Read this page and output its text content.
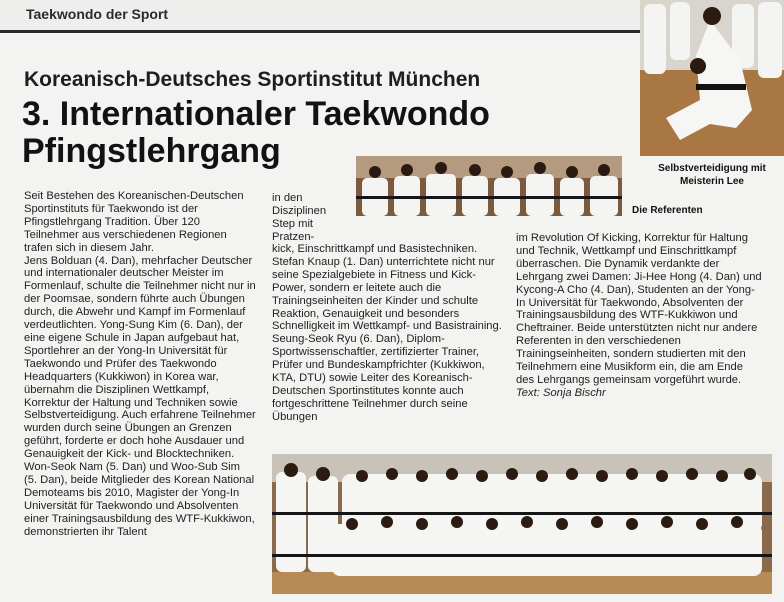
Taekwondo der Sport
Selbstverteidigung mit Meisterin Lee
Koreanisch-Deutsches Sportinstitut München
3. Internationaler Taekwondo Pfingstlehrgang
Die Referenten

Seit Bestehen des Koreanischen-Deutschen Sportinstituts für Taekwondo ist der Pfingstlehrgang Tradition. Über 120 Teilnehmer aus verschiedenen Regionen trafen sich in diesem Jahr.

Jens Bolduan (4. Dan), mehrfacher Deutscher und internationaler deutscher Meister im Formenlauf, schulte die Teilnehmer nicht nur in der Poomsae, sondern führte auch Übungen durch, die Abwehr und Kampf im Formenlauf verdeutlichten. Yong-Sung Kim (6. Dan), der eine eigene Schule in Japan aufgebaut hat, Sportlehrer an der Yong-In Universität für Taekwondo und Prüfer des Taekwondo Headquarters (Kukkiwon) in Korea war, übernahm die Disziplinen Wettkampf, Korrektur der Haltung und Techniken sowie Selbstverteidigung. Auch erfahrene Teilnehmer wurden durch seine Übungen an Grenzen geführt, forderte er doch hohe Ausdauer und Genauigkeit der Kick- und Blocktechniken.

Won-Seok Nam (5. Dan) und Woo-Sub Sim (5. Dan), beide Mitglieder des Korean National Demoteams bis 2010, Magister der Yong-In Universität für Taekwondo und Absolventen einer Trainingsausbildung des WTF-Kukkiwon, demonstrierten ihr Talent

in den Disziplinen Step mit Pratzen-

kick, Einschrittkampf und Basistechniken. Stefan Knaup (1. Dan) unterrichtete nicht nur seine Spezialgebiete in Fitness und Kick-Power, sondern er leitete auch die Trainingseinheiten der Kinder und schulte Reaktion, Genauigkeit und besonders Schnelligkeit im Wettkampf- und Basistraining.

Seung-Seok Ryu (6. Dan), Diplom-Sportwissenschaftler, zertifizierter Trainer, Prüfer und Bundeskampfrichter (Kukkiwon, KTA, DTU) sowie Leiter des Koreanisch-Deutschen Sportinstitutes konnte auch fortgeschrittene Teilnehmer durch seine Übungen

im Revolution Of Kicking, Korrektur für Haltung und Technik, Wettkampf und Einschrittkampf überraschen. Die Dynamik verdankte der Lehrgang zwei Damen: Ji-Hee Hong (4. Dan) und Kycong-A Cho (4. Dan), Studenten an der Yong-In Universität für Taekwondo, Absolventen der Trainingsausbildung des WTF-Kukkiwon und Cheftrainer. Beide unterstützten nicht nur andere Referenten in den verschiedenen Trainingseinheiten, sondern studierten mit den Teilnehmern eine Musikform ein, die am Ende des Lehrgangs gemeinsam vorgeführt wurde.

Text: Sonja Bischr
